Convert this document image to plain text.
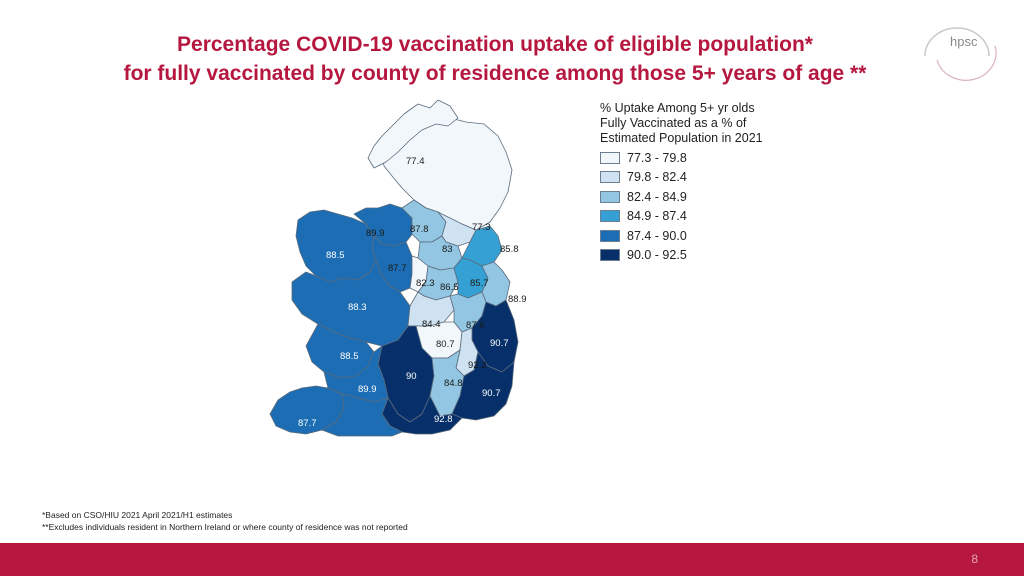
Percentage COVID-19 vaccination uptake of eligible population*
for fully vaccinated by county of residence among those 5+ years of age **
hpsc
77.4
89.9	87.8	77.3
83	85.8
88.5
87.7
82.3 86.5 85.7
88.9
88.3
84.4	87.6
80.7	90.7
88.5
90
92.2
89.9
84.8
90.7
92.8
87.7
89.5
% Uptake Among 5+ yr olds
Fully Vaccinated as a % of
Estimated Population in 2021
77.3 - 79.8
79.8 - 82.4
82.4 - 84.9
84.9 - 87.4
87.4 - 90.0
90.0 - 92.5
*Based on CSO/HIU 2021 April 2021/H1 estimates
**Excludes individuals resident in Northern Ireland or where county of residence was not reported
8
